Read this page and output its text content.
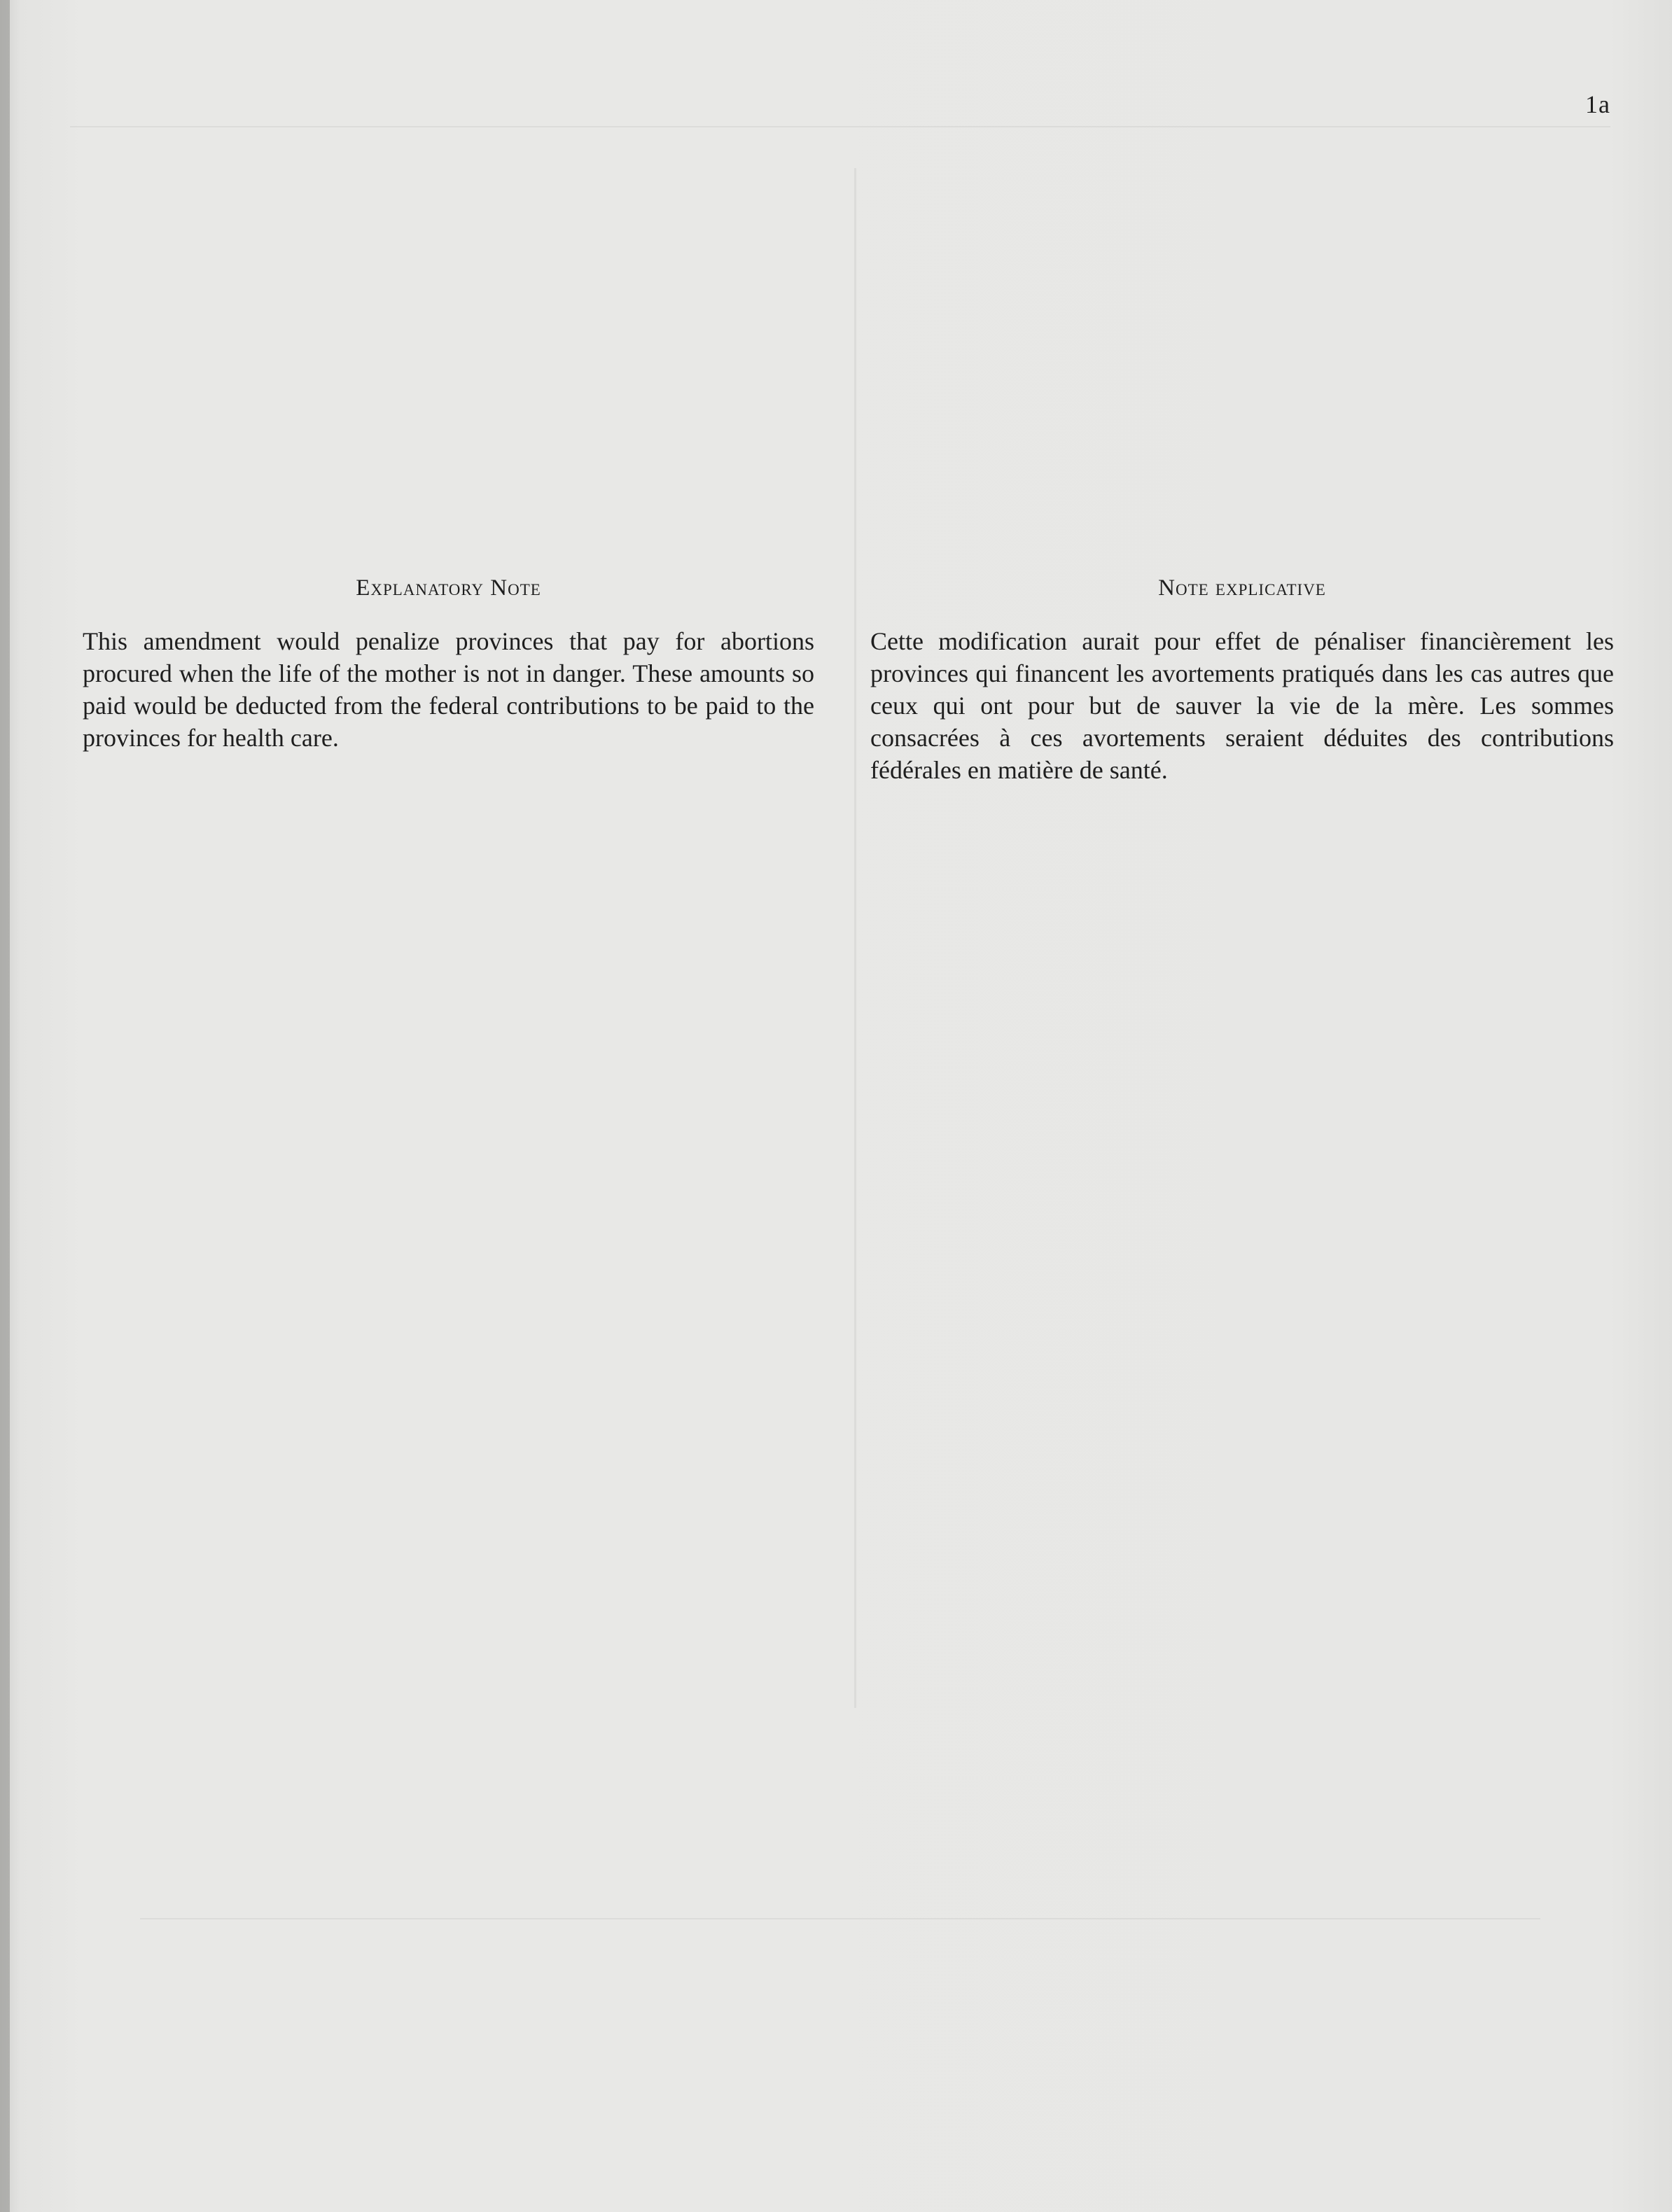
1a
Explanatory Note

This amendment would penalize provinces that pay for abortions procured when the life of the mother is not in danger. These amounts so paid would be deducted from the federal contributions to be paid to the provinces for health care.

Note explicative

Cette modification aurait pour effet de pénaliser financièrement les provinces qui financent les avortements pratiqués dans les cas autres que ceux qui ont pour but de sauver la vie de la mère. Les sommes consacrées à ces avortements seraient déduites des contributions fédérales en matière de santé.
